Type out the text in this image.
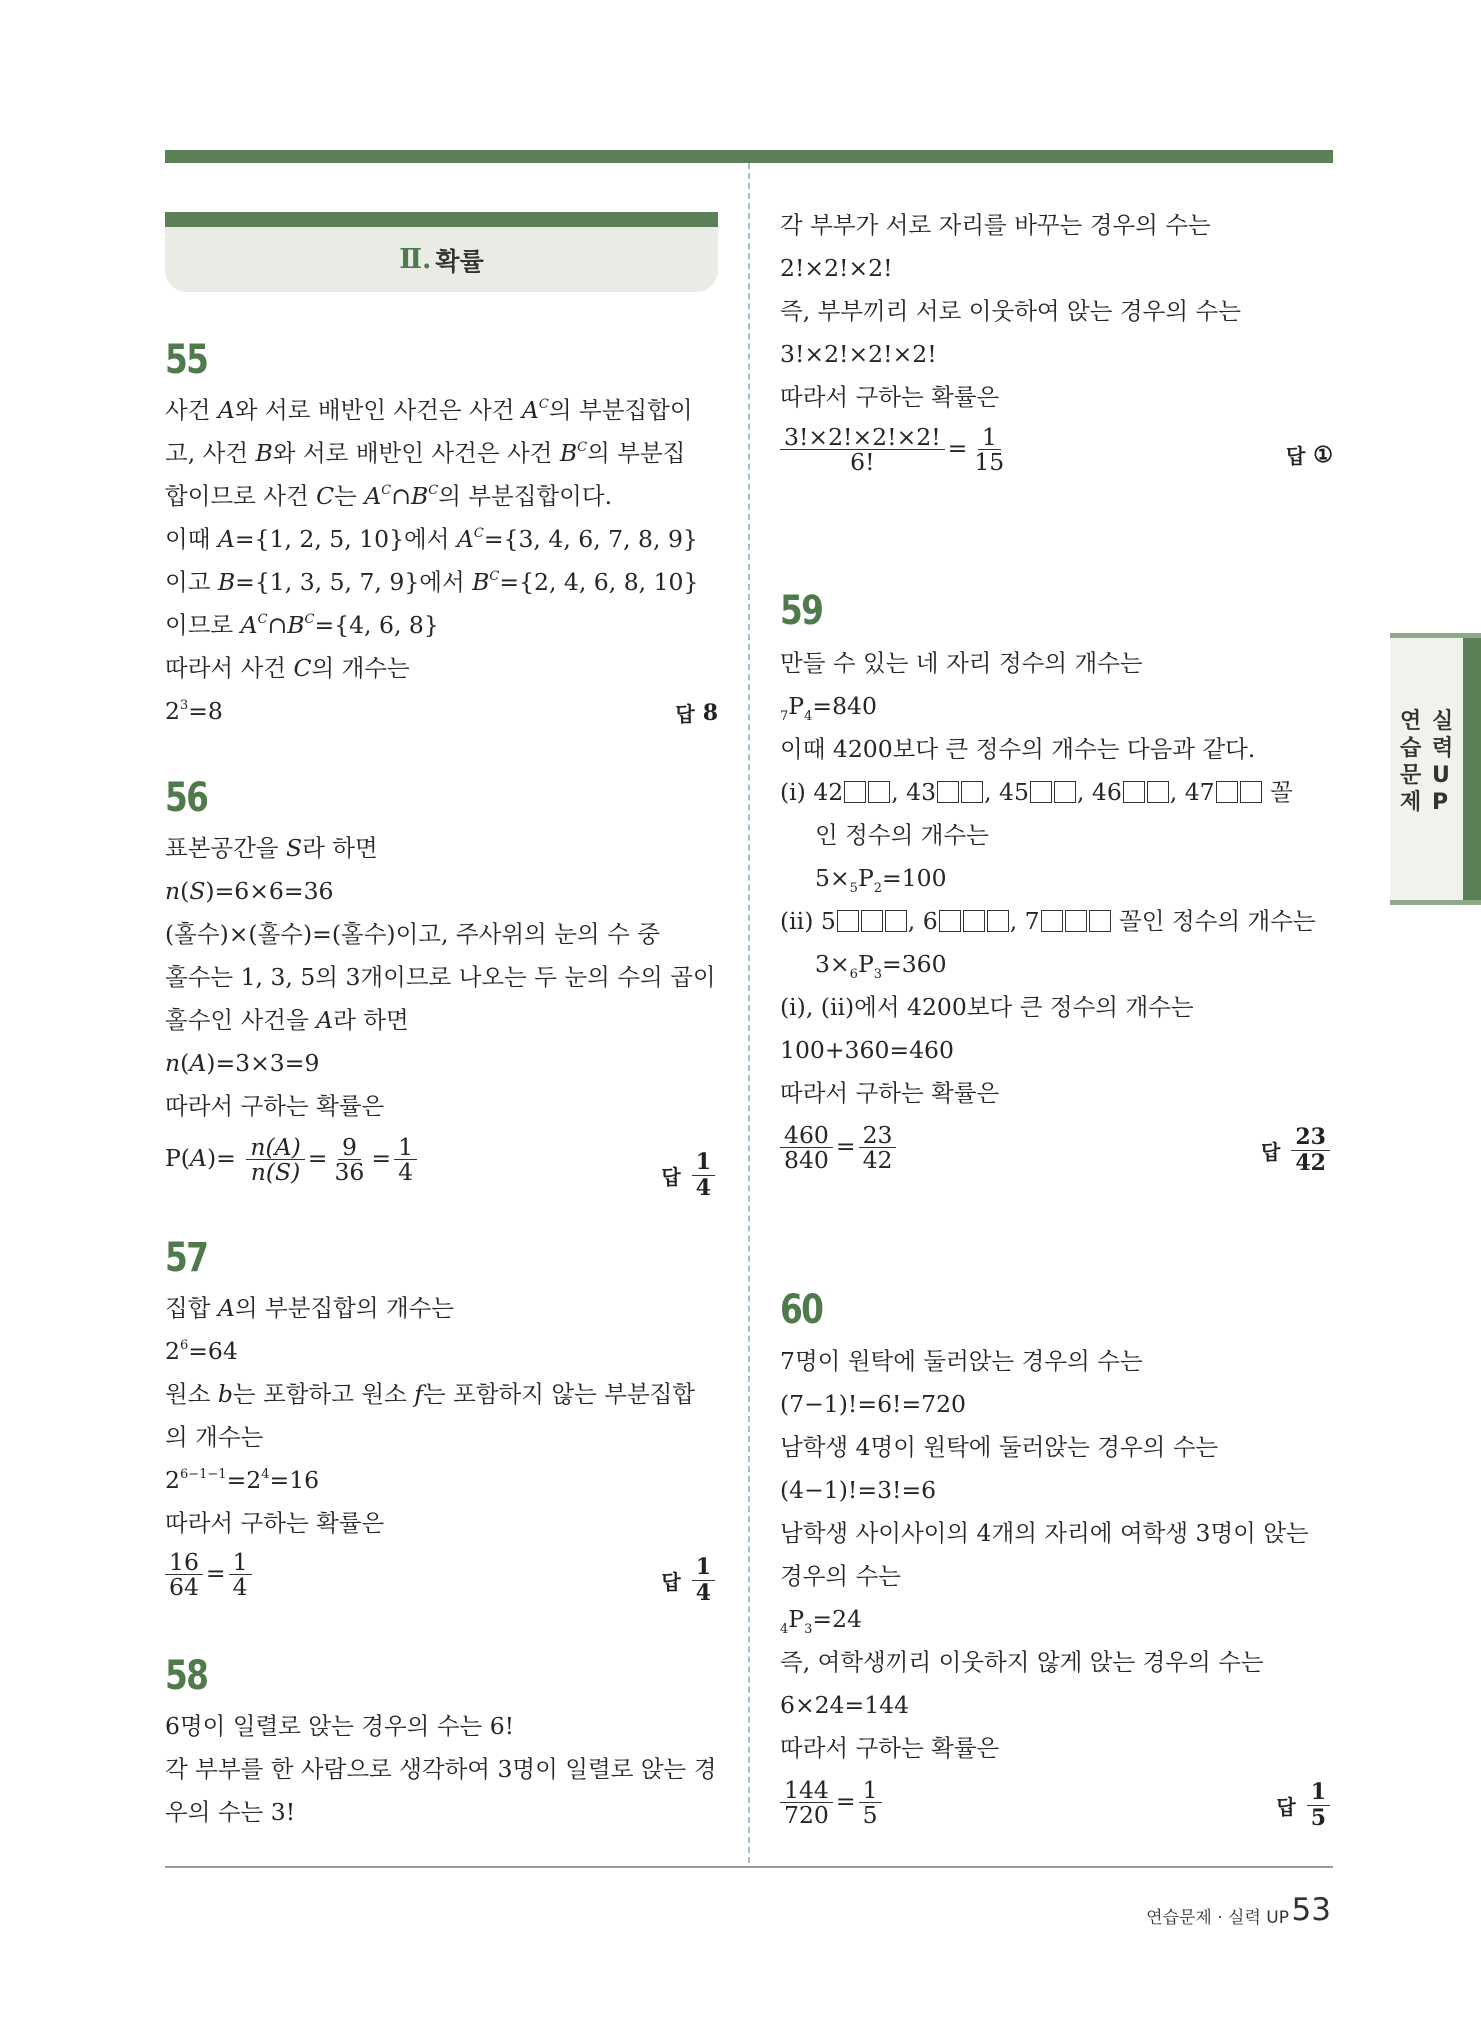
Ⅱ. 확률
55
사건 A와 서로 배반인 사건은 사건 $A^C$의 부분집합이
고, 사건 B와 서로 배반인 사건은 사건 $B^C$의 부분집
합이므로 사건 C는 $A^C\cap B^C$의 부분집합이다.
이때 A={1, 2, 5, 10}에서 $A^C=\{3$, 4, 6, 7, 8, 9}
이고 B={1, 3, 5, 7, 9}에서 $B^C=\{2$, 4, 6, 8, 10}
이므로 $A^C\cap B^C=\{4$, 6, 8}
따라서 사건 C의 개수는
$2^3=8$	답 8
56
표본공간을 S라 하면
n(S)=6×6=36
(홀수)×(홀수)=(홀수)이고, 주사위의 눈의 수 중
홀수는 1, 3, 5의 3개이므로 나오는 두 눈의 수의 곱이
홀수인 사건을 A라 하면
n(A)=3×3=9
따라서 구하는 확률은
$P(A)= \frac{n(A)}{n(S)} = \frac{9}{36} = \frac{1}{4}$	답 $\frac{1}{4}$
57
집합 A의 부분집합의 개수는
$2^6=64$
원소 b는 포함하고 원소 f는 포함하지 않는 부분집합
의 개수는
$2^{6-1-1}=2^4=16$
따라서 구하는 확률은
$\frac{16}{64} = \frac{1}{4}$	답 $\frac{1}{4}$
58
6명이 일렬로 앉는 경우의 수는 6!
각 부부를 한 사람으로 생각하여 3명이 일렬로 앉는 경
우의 수는 3!
각 부부가 서로 자리를 바꾸는 경우의 수는
2!×2!×2!
즉, 부부끼리 서로 이웃하여 앉는 경우의 수는
3!×2!×2!×2!
따라서 구하는 확률은
$\frac{3!\times 2!\times 2!\times 2!}{6!} = \frac{1}{15}$	답 ①
59
만들 수 있는 네 자리 정수의 개수는
$_7P_4=840$
이때 4200보다 큰 정수의 개수는 다음과 같다.
(i) 42 , 43 , 45 , 46 , 47 꼴
인 정수의 개수는
$5\times_5P_2=100$
(ii) 5	, 6	, 7	꼴인 정수의 개수는
$3\times_6P_3=360$
(i), (ii)에서 4200보다 큰 정수의 개수는
100+360=460
따라서 구하는 확률은
$\frac{460}{840} = \frac{23}{42}$	답 $\frac{23}{42}$
60
7명이 원탁에 둘러앉는 경우의 수는
(7−1)!=6!=720
남학생 4명이 원탁에 둘러앉는 경우의 수는
(4−1)!=3!=6
남학생 사이사이의 4개의 자리에 여학생 3명이 앉는
경우의 수는
$_4P_3=24$
즉, 여학생끼리 이웃하지 않게 앉는 경우의 수는
6×24=144
따라서 구하는 확률은
$\frac{144}{720} = \frac{1}{5}$	답 $\frac{1}{5}$
연 실
습 력
문 U
제 P
연습문제 · 실력 UP 53
